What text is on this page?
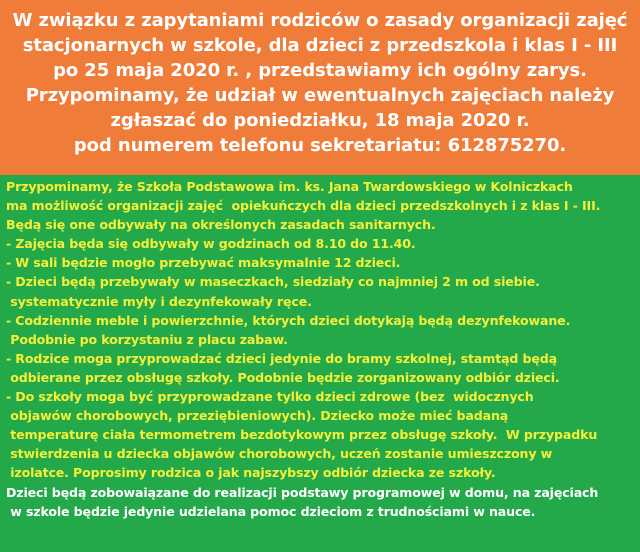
W związku z zapytaniami rodziców o zasady organizacji zajęć
stacjonarnych w szkole, dla dzieci z przedszkola i klas I - III
po 25 maja 2020 r. , przedstawiamy ich ogólny zarys.
Przypominamy, że udział w ewentualnych zajęciach należy
zgłaszać do poniedziałku, 18 maja 2020 r.
pod numerem telefonu sekretariatu: 612875270.
Przypominamy, że Szkoła Podstawowa im. ks. Jana Twardowskiego w Kolniczkach
ma możliwość organizacji zajęć  opiekuńczych dla dzieci przedszkolnych i z klas I - III.
Będą się one odbywały na określonych zasadach sanitarnych.
- Zajęcia będa się odbywały w godzinach od 8.10 do 11.40.
- W sali będzie mogło przebywać maksymalnie 12 dzieci.
- Dzieci będą przebywały w maseczkach, siedziały co najmniej 2 m od siebie.
systematycznie myły i dezynfekowały ręce.
- Codziennie meble i powierzchnie, których dzieci dotykają będą dezynfekowane.
Podobnie po korzystaniu z placu zabaw.
- Rodzice moga przyprowadzać dzieci jedynie do bramy szkolnej, stamtąd będą
odbierane przez obsługę szkoły. Podobnie będzie zorganizowany odbiór dzieci.
- Do szkoły moga być przyprowadzane tylko dzieci zdrowe (bez  widocznych
objawów chorobowych, przeziębieniowych). Dziecko może mieć badaną
temperaturę ciała termometrem bezdotykowym przez obsługę szkoły.  W przypadku
stwierdzenia u dziecka objawów chorobowych, uczeń zostanie umieszczony w
izolatce. Poprosimy rodzica o jak najszybszy odbiór dziecka ze szkoły.
Dzieci będą zobowaiązane do realizacji podstawy programowej w domu, na zajęciach
w szkole będzie jedynie udzielana pomoc dzieciom z trudnościami w nauce.
